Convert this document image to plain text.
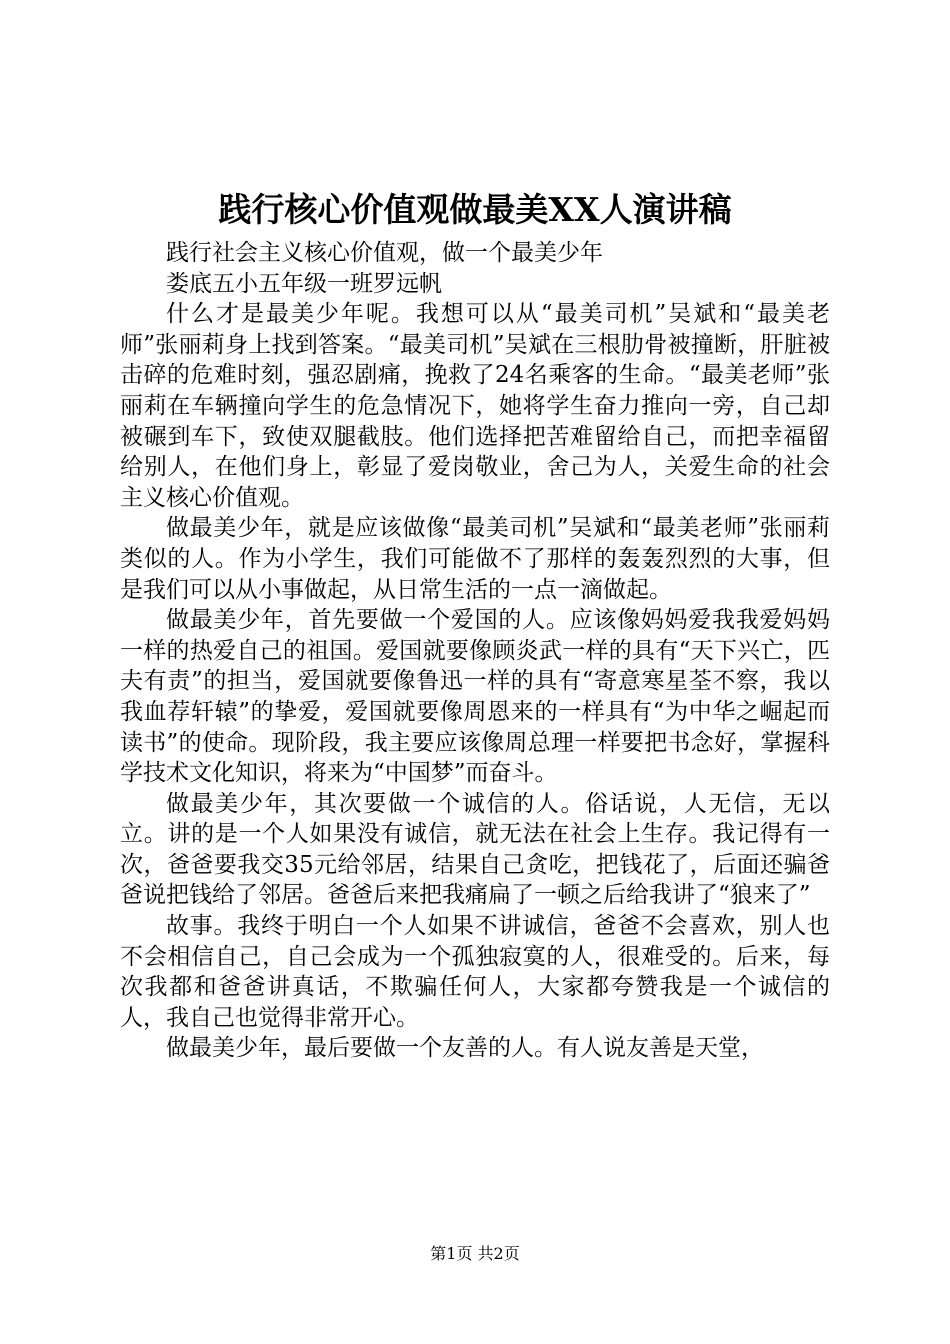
践行核心价值观做最美XX人演讲稿

践行社会主义核心价值观，做一个最美少年

娄底五小五年级一班罗远帆

什么才是最美少年呢。我想可以从“最美司机”吴斌和“最美老师”张丽莉身上找到答案。“最美司机”吴斌在三根肋骨被撞断，肝脏被击碎的危难时刻，强忍剧痛，挽救了24名乘客的生命。“最美老师”张丽莉在车辆撞向学生的危急情况下，她将学生奋力推向一旁，自己却被碾到车下，致使双腿截肢。他们选择把苦难留给自己，而把幸福留给别人，在他们身上，彰显了爱岗敬业，舍己为人，关爱生命的社会主义核心价值观。

做最美少年，就是应该做像“最美司机”吴斌和“最美老师”张丽莉类似的人。作为小学生，我们可能做不了那样的轰轰烈烈的大事，但是我们可以从小事做起，从日常生活的一点一滴做起。

做最美少年，首先要做一个爱国的人。应该像妈妈爱我我爱妈妈一样的热爱自己的祖国。爱国就要像顾炎武一样的具有“天下兴亡，匹夫有责”的担当，爱国就要像鲁迅一样的具有“寄意寒星荃不察，我以我血荐轩辕”的挚爱，爱国就要像周恩来的一样具有“为中华之崛起而读书”的使命。现阶段，我主要应该像周总理一样要把书念好，掌握科学技术文化知识，将来为“中国梦”而奋斗。

做最美少年，其次要做一个诚信的人。俗话说，人无信，无以立。讲的是一个人如果没有诚信，就无法在社会上生存。我记得有一次，爸爸要我交35元给邻居，结果自己贪吃，把钱花了，后面还骗爸爸说把钱给了邻居。爸爸后来把我痛扁了一顿之后给我讲了“狼来了”

故事。我终于明白一个人如果不讲诚信，爸爸不会喜欢，别人也不会相信自己，自己会成为一个孤独寂寞的人，很难受的。后来，每次我都和爸爸讲真话，不欺骗任何人，大家都夸赞我是一个诚信的人，我自己也觉得非常开心。

做最美少年，最后要做一个友善的人。有人说友善是天堂，

第1页 共2页
